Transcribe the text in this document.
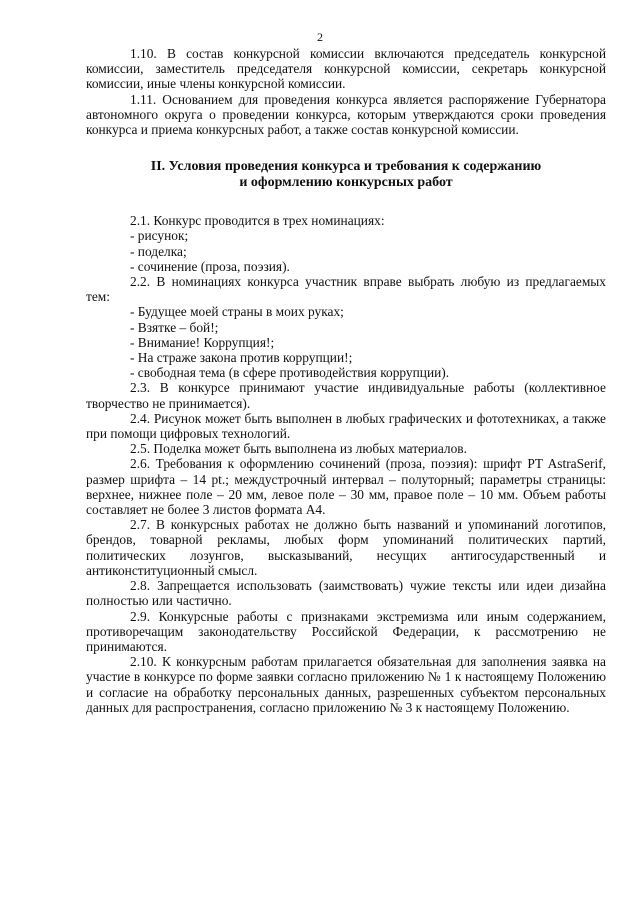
2

1.10. В состав конкурсной комиссии включаются председатель конкурсной комиссии, заместитель председателя конкурсной комиссии, секретарь конкурсной комиссии, иные члены конкурсной комиссии.

1.11. Основанием для проведения конкурса является распоряжение Губернатора автономного округа о проведении конкурса, которым утверждаются сроки проведения конкурса и приема конкурсных работ, а также состав конкурсной комиссии.

II. Условия проведения конкурса и требования к содержанию
и оформлению конкурсных работ

2.1. Конкурс проводится в трех номинациях:

- рисунок;

- поделка;

- сочинение (проза, поэзия).

2.2. В номинациях конкурса участник вправе выбрать любую из предлагаемых тем:

- Будущее моей страны в моих руках;

- Взятке – бой!;

- Внимание! Коррупция!;

- На страже закона против коррупции!;

- свободная тема (в сфере противодействия коррупции).

2.3. В конкурсе принимают участие индивидуальные работы (коллективное творчество не принимается).

2.4. Рисунок может быть выполнен в любых графических и фототехниках, а также при помощи цифровых технологий.

2.5. Поделка может быть выполнена из любых материалов.

2.6. Требования к оформлению сочинений (проза, поэзия): шрифт PT AstraSerif, размер шрифта – 14 pt.; междустрочный интервал – полуторный; параметры страницы: верхнее, нижнее поле – 20 мм, левое поле – 30 мм, правое поле – 10 мм. Объем работы составляет не более 3 листов формата А4.

2.7. В конкурсных работах не должно быть названий и упоминаний логотипов, брендов, товарной рекламы, любых форм упоминаний политических партий, политических лозунгов, высказываний, несущих антигосударственный и антиконституционный смысл.

2.8. Запрещается использовать (заимствовать) чужие тексты или идеи дизайна полностью или частично.

2.9. Конкурсные работы с признаками экстремизма или иным содержанием, противоречащим законодательству Российской Федерации, к рассмотрению не принимаются.

2.10. К конкурсным работам прилагается обязательная для заполнения заявка на участие в конкурсе по форме заявки согласно приложению № 1 к настоящему Положению и согласие на обработку персональных данных, разрешенных субъектом персональных данных для распространения, согласно приложению № 3 к настоящему Положению.
